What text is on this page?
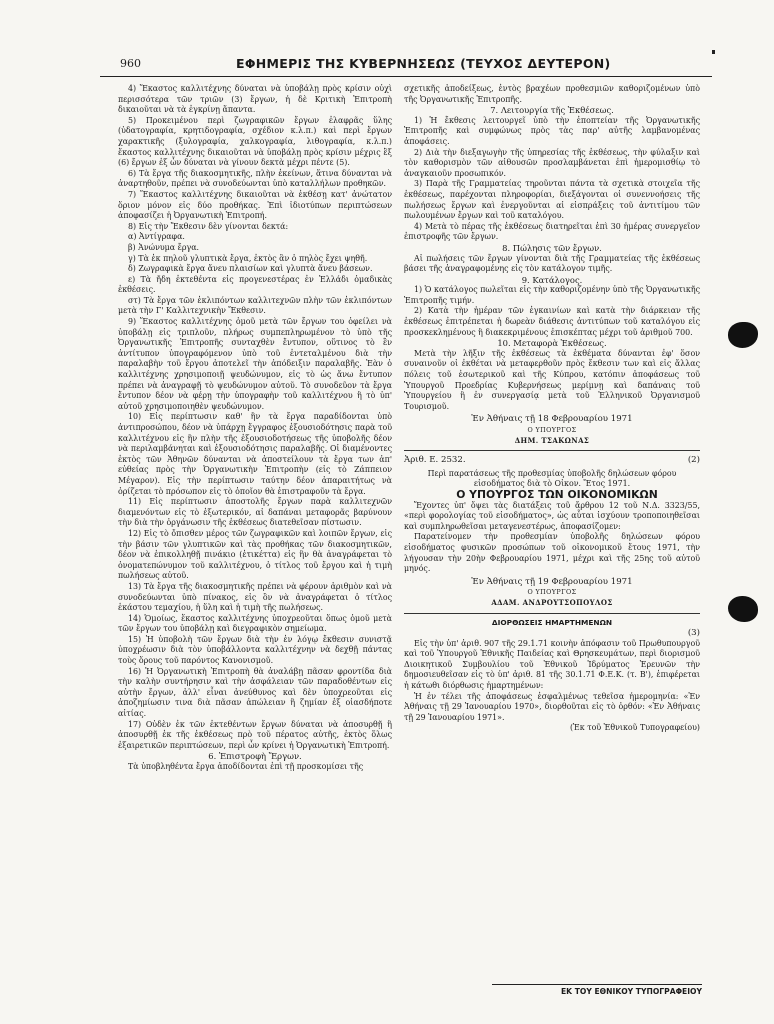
960	ΕΦΗΜΕΡΙΣ ΤΗΣ ΚΥΒΕΡΝΗΣΕΩΣ (ΤΕΥΧΟΣ ΔΕΥΤΕΡΟΝ)

4) Ἕκαστος καλλιτέχνης δύναται νὰ ὑποβάλῃ πρὸς κρίσιν οὐχὶ περισσότερα τῶν τριῶν (3) ἔργων, ἡ δὲ Κριτικὴ Ἐπιτροπὴ δικαιοῦται νὰ τὰ ἐγκρίνῃ ἅπαντα.

5) Προκειμένου περὶ ζωγραφικῶν ἔργων ἐλαφρᾶς ὕλης (ὑδατογραφία, κρητιδογραφία, σχέδιον κ.λ.π.) καὶ περὶ ἔργων χαρακτικῆς (ξυλογραφία, χαλκογραφία, λιθογραφία, κ.λ.π.) ἕκαστος καλλιτέχνης δικαιοῦται νὰ ὑποβάλῃ πρὸς κρίσιν μέχρις ἓξ (6) ἔργων ἐξ ὧν δύναται νὰ γίνουν δεκτὰ μέχρι πέντε (5).

6) Τὰ ἔργα τῆς διακοσμητικῆς, πλὴν ἐκείνων, ἅτινα δύνανται νὰ ἀναρτηθοῦν, πρέπει νὰ συνοδεύωνται ὑπὸ καταλλήλων προθηκῶν.

7) Ἕκαστος καλλιτέχνης δικαιοῦται νὰ ἐκθέσῃ κατ' ἀνώτατον ὅριον μόνον εἰς δύο προθήκας. Ἐπὶ ἰδιοτύπων περιπτώσεων ἀποφασίζει ἡ Ὀργανωτικὴ Ἐπιτροπή.

8) Εἰς τὴν Ἔκθεσιν δὲν γίνονται δεκτά:

α) Ἀντίγραφα.

β) Ἀνώνυμα ἔργα.

γ) Τὰ ἐκ πηλοῦ γλυπτικὰ ἔργα, ἐκτὸς ἂν ὁ πηλὸς ἔχει ψηθῆ.

δ) Ζωγραφικὰ ἔργα ἄνευ πλαισίων καὶ γλυπτὰ ἄνευ βάσεων.

ε) Τὰ ἤδη ἐκτεθέντα εἰς προγενεστέρας ἐν Ἑλλάδι ὁμαδικὰς ἐκθέσεις.

στ) Τὰ ἔργα τῶν ἐκλιπόντων καλλιτεχνῶν πλὴν τῶν ἐκλιπόντων μετὰ τὴν Γ' Καλλιτεχνικὴν Ἔκθεσιν.

9) Ἕκαστος καλλιτέχνης ὁμοῦ μετὰ τῶν ἔργων του ὀφείλει νὰ ὑποβάλῃ εἰς τριπλοῦν, πλήρως συμπεπληρωμένον τὸ ὑπὸ τῆς Ὀργανωτικῆς Ἐπιτροπῆς συνταχθὲν ἔντυπον, οὕτινος τὸ ἓν ἀντίτυπον ὑπογραφόμενον ὑπὸ τοῦ ἐντεταλμένου διὰ τὴν παραλαβὴν τοῦ ἔργου ἀποτελεῖ τὴν ἀπόδειξιν παραλαβῆς. Ἐὰν ὁ καλλιτέχνης χρησιμοποιῇ ψευδώνυμον, εἰς τὸ ὡς ἄνω ἔντυπον πρέπει νὰ ἀναγραφῇ τὸ ψευδώνυμον αὐτοῦ. Τὸ συνοδεῦον τὰ ἔργα ἔντυπον δέον νὰ φέρῃ τὴν ὑπογραφὴν τοῦ καλλιτέχνου ἢ τὸ ὑπ' αὐτοῦ χρησιμοποιηθὲν ψευδώνυμον.

10) Εἰς περίπτωσιν καθ' ἣν τὰ ἔργα παραδίδονται ὑπὸ ἀντιπροσώπου, δέον νὰ ὑπάρχῃ ἔγγραφος ἐξουσιοδότησις παρὰ τοῦ καλλιτέχνου εἰς ἣν πλὴν τῆς ἐξουσιοδοτήσεως τῆς ὑποβολῆς δέον νὰ περιλαμβάνηται καὶ ἐξουσιοδότησις παραλαβῆς. Οἱ διαμένοντες ἐκτὸς τῶν Ἀθηνῶν δύνανται νὰ ἀποστείλουν τὰ ἔργα των ἀπ' εὐθείας πρὸς τὴν Ὀργανωτικὴν Ἐπιτροπὴν (εἰς τὸ Ζάππειον Μέγαρον). Εἰς τὴν περίπτωσιν ταύτην δέον ἀπαραιτήτως νὰ ὁρίζεται τὸ πρόσωπον εἰς τὸ ὁποῖον θὰ ἐπιστραφοῦν τὰ ἔργα.

11) Εἰς περίπτωσιν ἀποστολῆς ἔργων παρὰ καλλιτεχνῶν διαμενόντων εἰς τὸ ἐξωτερικόν, αἱ δαπάναι μεταφορᾶς βαρύνουν τὴν διὰ τὴν ὀργάνωσιν τῆς ἐκθέσεως διατεθεῖσαν πίστωσιν.

12) Εἰς τὸ ὄπισθεν μέρος τῶν ζωγραφικῶν καὶ λοιπῶν ἔργων, εἰς τὴν βάσιν τῶν γλυπτικῶν καὶ τὰς προθήκας τῶν διακοσμητικῶν, δέον νὰ ἐπικολληθῇ πινάκιο (ἐτικέττα) εἰς ἣν θὰ ἀναγράφεται τὸ ὀνοματεπώνυμον τοῦ καλλιτέχνου, ὁ τίτλος τοῦ ἔργου καὶ ἡ τιμὴ πωλήσεως αὐτοῦ.

13) Τὰ ἔργα τῆς διακοσμητικῆς πρέπει νὰ φέρουν ἀριθμὸν καὶ νὰ συνοδεύωνται ὑπὸ πίνακος, εἰς ὃν νὰ ἀναγράφεται ὁ τίτλος ἑκάστου τεμαχίου, ἡ ὕλη καὶ ἡ τιμὴ τῆς πωλήσεως.

14) Ὁμοίως, ἕκαστος καλλιτέχνης ὑποχρεοῦται ὅπως ὁμοῦ μετὰ τῶν ἔργων του ὑποβάλῃ καὶ διεγραφικὸν σημείωμα.

15) Ἡ ὑποβολὴ τῶν ἔργων διὰ τὴν ἐν λόγῳ ἔκθεσιν συνιστᾷ ὑποχρέωσιν διὰ τὸν ὑποβάλλοντα καλλιτέχνην νὰ δεχθῇ πάντας τοὺς ὅρους τοῦ παρόντος Κανονισμοῦ.

16) Ἡ Ὀργανωτικὴ Ἐπιτροπὴ θὰ ἀναλάβῃ πᾶσαν φροντίδα διὰ τὴν καλὴν συντήρησιν καὶ τὴν ἀσφάλειαν τῶν παραδοθέντων εἰς αὐτὴν ἔργων, ἀλλ' εἶναι ἀνεύθυνος καὶ δὲν ὑποχρεοῦται εἰς ἀποζημίωσιν τινα διὰ πᾶσαν ἀπώλειαν ἢ ζημίαν ἐξ οἱασδήποτε αἰτίας.

17) Οὐδὲν ἐκ τῶν ἐκτεθέντων ἔργων δύναται νὰ ἀποσυρθῇ ἢ ἀποσυρθῇ ἐκ τῆς ἐκθέσεως πρὸ τοῦ πέρατος αὐτῆς, ἐκτὸς ὅλως ἐξαιρετικῶν περιπτώσεων, περὶ ὧν κρίνει ἡ Ὀργανωτικὴ Ἐπιτροπή.

6. Ἐπιστροφὴ Ἔργων.

Τὰ ὑποβληθέντα ἔργα ἀποδίδονται ἐπὶ τῇ προσκομίσει τῆς

σχετικῆς ἀποδείξεως, ἐντὸς βραχέων προθεσμιῶν καθοριζομένων ὑπὸ τῆς Ὀργανωτικῆς Ἐπιτροπῆς.

7. Λειτουργία τῆς Ἐκθέσεως.

1) Ἡ ἔκθεσις λειτουργεῖ ὑπὸ τὴν ἐποπτείαν τῆς Ὀργανωτικῆς Ἐπιτροπῆς καὶ συμφώνως πρὸς τὰς παρ' αὐτῆς λαμβανομένας ἀποφάσεις.

2) Διὰ τὴν διεξαγωγὴν τῆς ὑπηρεσίας τῆς ἐκθέσεως, τὴν φύλαξιν καὶ τὸν καθορισμὸν τῶν αἰθουσῶν προσλαμβάνεται ἐπὶ ἡμερομισθίῳ τὸ ἀναγκαιοῦν προσωπικόν.

3) Παρὰ τῆς Γραμματείας τηροῦνται πάντα τὰ σχετικὰ στοιχεῖα τῆς ἐκθέσεως, παρέχονται πληροφορίαι, διεξάγονται οἱ συνεννοήσεις τῆς πωλήσεως ἔργων καὶ ἐνεργοῦνται αἱ εἰσπράξεις τοῦ ἀντιτίμου τῶν πωλουμένων ἔργων καὶ τοῦ καταλόγου.

4) Μετὰ τὸ πέρας τῆς ἐκθέσεως διατηρεῖται ἐπὶ 30 ἡμέρας συνεργεῖον ἐπιστροφῆς τῶν ἔργων.

8. Πώλησις τῶν ἔργων.

Αἱ πωλήσεις τῶν ἔργων γίνονται διὰ τῆς Γραμματείας τῆς ἐκθέσεως βάσει τῆς ἀναγραφομένης εἰς τὸν κατάλογον τιμῆς.

9. Κατάλογος.

1) Ὁ κατάλογος πωλεῖται εἰς τὴν καθοριζομένην ὑπὸ τῆς Ὀργανωτικῆς Ἐπιτροπῆς τιμήν.

2) Κατὰ τὴν ἡμέραν τῶν ἐγκαινίων καὶ κατὰ τὴν διάρκειαν τῆς ἐκθέσεως ἐπιτρέπεται ἡ δωρεὰν διάθεσις ἀντιτύπων τοῦ καταλόγου εἰς προσκεκλημένους ἢ διακεκριμένους ἐπισκέπτας μέχρι τοῦ ἀριθμοῦ 700.

10. Μεταφορὰ Ἐκθέσεως.

Μετὰ τὴν λῆξιν τῆς ἐκθέσεως τὰ ἐκθέματα δύνανται ἐφ' ὅσον συναινοῦν οἱ ἐκθέται νὰ μεταφερθοῦν πρὸς ἔκθεσιν των καὶ εἰς ἄλλας πόλεις τοῦ ἐσωτερικοῦ καὶ τῆς Κύπρου, κατόπιν ἀποφάσεως τοῦ Ὑπουργοῦ Προεδρίας Κυβερνήσεως μερίμνῃ καὶ δαπάναις τοῦ Ὑπουργείου ἢ ἐν συνεργασίᾳ μετὰ τοῦ Ἑλληνικοῦ Ὀργανισμοῦ Τουρισμοῦ.

Ἐν Ἀθήναις τῇ 18 Φεβρουαρίου 1971

Ο ΥΠΟΥΡΓΟΣ

ΔΗΜ. ΤΣΑΚΩΝΑΣ

Ἀριθ. Ε. 2532.	(2)

Περὶ παρατάσεως τῆς προθεσμίας ὑποβολῆς δηλώσεων φόρου εἰσοδήματος διὰ τὸ Οἰκον. Ἔτος 1971.

Ο ΥΠΟΥΡΓΟΣ ΤΩΝ ΟΙΚΟΝΟΜΙΚΩΝ

Ἔχοντες ὑπ' ὄψει τὰς διατάξεις τοῦ ἄρθρου 12 τοῦ Ν.Δ. 3323/55, «περὶ φορολογίας τοῦ εἰσοδήματος», ὡς αὗται ἰσχύουν τροποποιηθεῖσαι καὶ συμπληρωθεῖσαι μεταγενεστέρως, ἀποφασίζομεν:

Παρατείνομεν τὴν προθεσμίαν ὑποβολῆς δηλώσεων φόρου εἰσοδήματος φυσικῶν προσώπων τοῦ οἰκονομικοῦ ἔτους 1971, τὴν λήγουσαν τὴν 20ὴν Φεβρουαρίου 1971, μέχρι καὶ τῆς 25ης τοῦ αὐτοῦ μηνός.

Ἐν Ἀθήναις τῇ 19 Φεβρουαρίου 1971

Ο ΥΠΟΥΡΓΟΣ

ΑΔΑΜ. ΑΝΔΡΟΥΤΣΟΠΟΥΛΟΣ

ΔΙΟΡΘΩΣΕΙΣ ΗΜΑΡΤΗΜΕΝΩΝ

(3)

Εἰς τὴν ὑπ' ἀριθ. 907 τῆς 29.1.71 κοινὴν ἀπόφασιν τοῦ Πρωθυπουργοῦ καὶ τοῦ Ὑπουργοῦ Ἐθνικῆς Παιδείας καὶ Θρησκευμάτων, περὶ διορισμοῦ Διοικητικοῦ Συμβουλίου τοῦ Ἐθνικοῦ Ἱδρύματος Ἐρευνῶν τὴν δημοσιευθεῖσαν εἰς τὸ ὑπ' ἀριθ. 81 τῆς 30.1.71 Φ.Ε.Κ. (τ. Β'), ἐπιφέρεται ἡ κάτωθι διόρθωσις ἡμαρτημένων:

Ἡ ἐν τέλει τῆς ἀποφάσεως ἐσφαλμένως τεθεῖσα ἡμερομηνία: «Ἐν Ἀθήναις τῇ 29 Ἰανουαρίου 1970», διορθοῦται εἰς τὸ ὀρθόν: «Ἐν Ἀθήναις τῇ 29 Ἰανουαρίου 1971».

(Ἐκ τοῦ Ἐθνικοῦ Τυπογραφείου)

ΕΚ ΤΟΥ ΕΘΝΙΚΟΥ ΤΥΠΟΓΡΑΦΕΙΟΥ
